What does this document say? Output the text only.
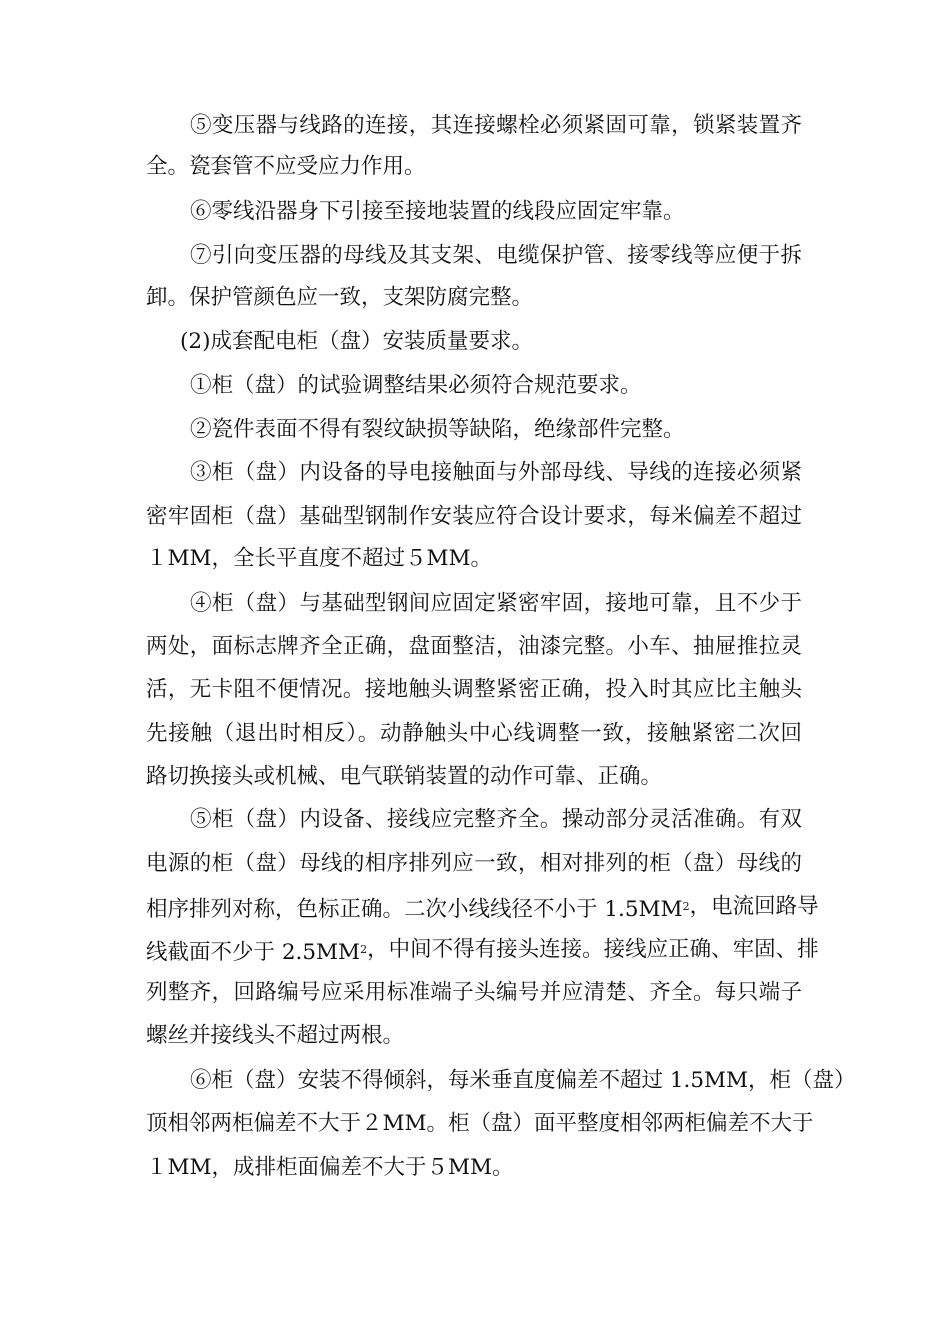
⑤变压器与线路的连接，其连接螺栓必须紧固可靠，锁紧装置齐
全。瓷套管不应受应力作用。
⑥零线沿器身下引接至接地装置的线段应固定牢靠。
⑦引向变压器的母线及其支架、电缆保护管、接零线等应便于拆
卸。保护管颜色应一致，支架防腐完整。
(2)成套配电柜（盘）安装质量要求。
①柜（盘）的试验调整结果必须符合规范要求。
②瓷件表面不得有裂纹缺损等缺陷，绝缘部件完整。
③柜（盘）内设备的导电接触面与外部母线、导线的连接必须紧
密牢固柜（盘）基础型钢制作安装应符合设计要求，每米偏差不超过
１MM，全长平直度不超过５MM。
④柜（盘）与基础型钢间应固定紧密牢固，接地可靠，且不少于
两处，面标志牌齐全正确，盘面整洁，油漆完整。小车、抽屉推拉灵
活，无卡阻不便情况。接地触头调整紧密正确，投入时其应比主触头
先接触（退出时相反）。动静触头中心线调整一致，接触紧密二次回
路切换接头或机械、电气联销装置的动作可靠、正确。
⑤柜（盘）内设备、接线应完整齐全。操动部分灵活准确。有双
电源的柜（盘）母线的相序排列应一致，相对排列的柜（盘）母线的
相序排列对称，色标正确。二次小线线径不小于 $1.5MM^2$ ，电流回路导
线截面不少于 $2.5MM^2$ ，中间不得有接头连接。接线应正确、牢固、排
列整齐，回路编号应采用标准端子头编号并应清楚、齐全。每只端子
螺丝并接线头不超过两根。
⑥柜（盘）安装不得倾斜，每米垂直度偏差不超过 1.5MM，柜（盘）
顶相邻两柜偏差不大于２MM。柜（盘）面平整度相邻两柜偏差不大于
１MM，成排柜面偏差不大于５MM。
